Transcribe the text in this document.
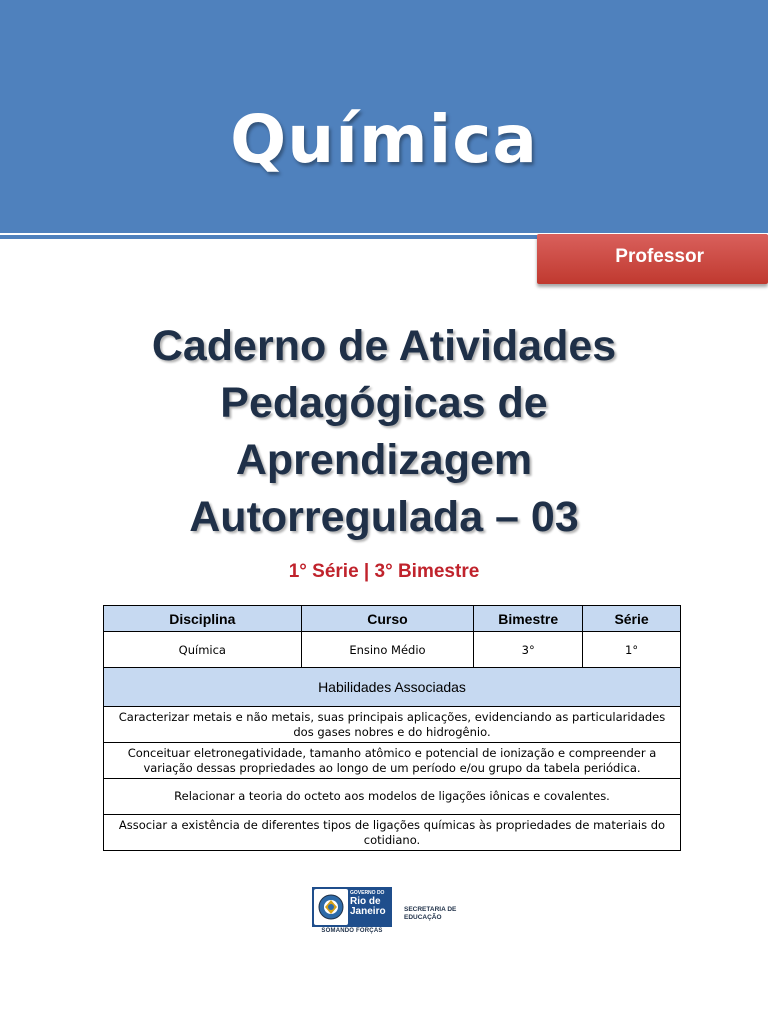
Química
Professor
Caderno de Atividades
Pedagógicas de
Aprendizagem
Autorregulada – 03
1° Série | 3° Bimestre
Disciplina	Curso	Bimestre	Série
Química	Ensino Médio	3°	1°
Habilidades Associadas			
Caracterizar metais e não metais, suas principais aplicações, evidenciando as particularidades dos gases nobres e do hidrogênio.			
Conceituar eletronegatividade, tamanho atômico e potencial de ionização e compreender a variação dessas propriedades ao longo de um período e/ou grupo da tabela periódica.			
Relacionar a teoria do octeto aos modelos de ligações iônicas e covalentes.			
Associar a existência de diferentes tipos de ligações químicas às propriedades de materiais do cotidiano.			
GOVERNO DO
Rio de Janeiro
SOMANDO FORÇAS
SECRETARIA DE EDUCAÇÃO
